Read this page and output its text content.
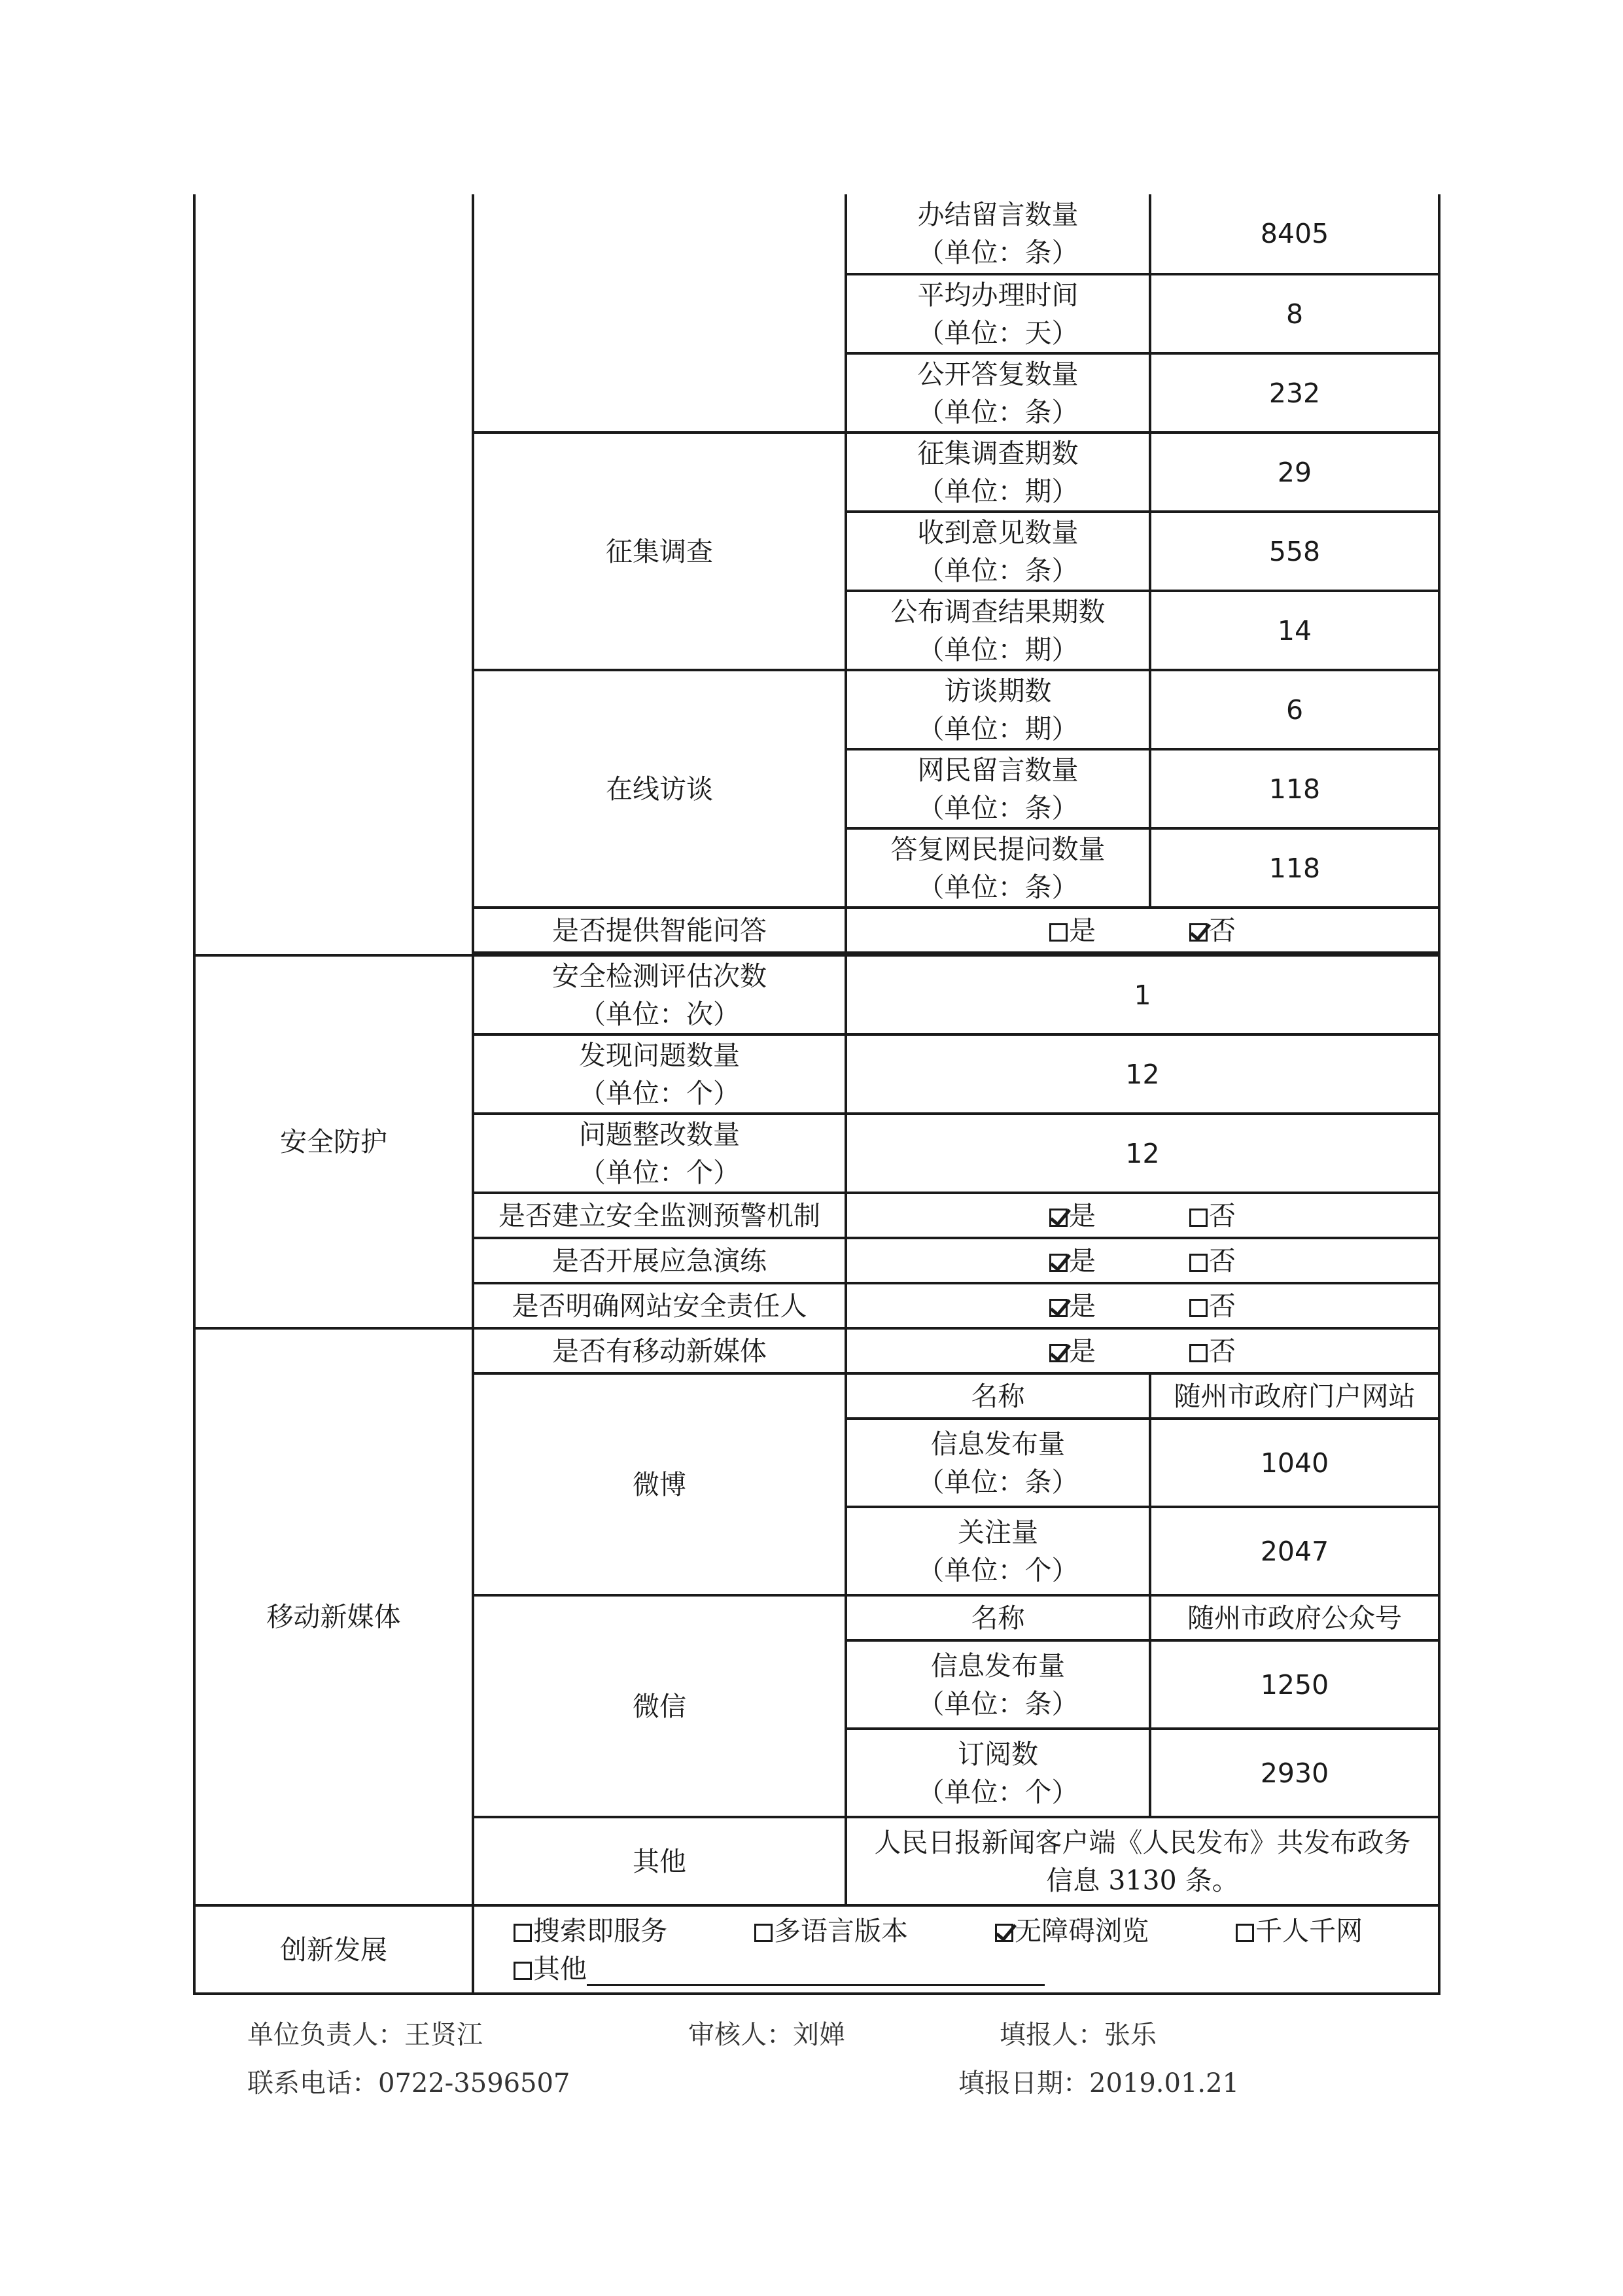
		办结留言数量
（单位：条）	8405

		平均办理时间
（单位：天）	8

		公开答复数量
（单位：条）	232
	征集调查	征集调查期数
（单位：期）	29

		收到意见数量
（单位：条）	558

		公布调查结果期数
（单位：期）	14
	在线访谈	访谈期数
（单位：期）	6

		网民留言数量
（单位：条）	118

		答复网民提问数量
（单位：条）	118
	是否提供智能问答	是 否	

安全防护	安全检测评估次数
（单位：次）	1	

	发现问题数量
（单位：个）	12	

	问题整改数量
（单位：个）	12	
	是否建立安全监测预警机制	是 否	
	是否开展应急演练	是 否	
	是否明确网站安全责任人	是 否	
移动新媒体	是否有移动新媒体	是 否	
	微博	名称	随州市政府门户网站

		信息发布量
（单位：条）	1040

		关注量
（单位：个）	2047
	微信	名称	随州市政府公众号

		信息发布量
（单位：条）	1250

		订阅数
（单位：个）	2930
	其他	人民日报新闻客户端《人民发布》共发布政务
信息 3130 条。	

创新发展	搜索即服务 多语言版本 无障碍浏览 千人千网
其他		
单位负责人：王贤江	审核人：刘婵	填报人：张乐
联系电话：0722-3596507	填报日期：2019.01.21
